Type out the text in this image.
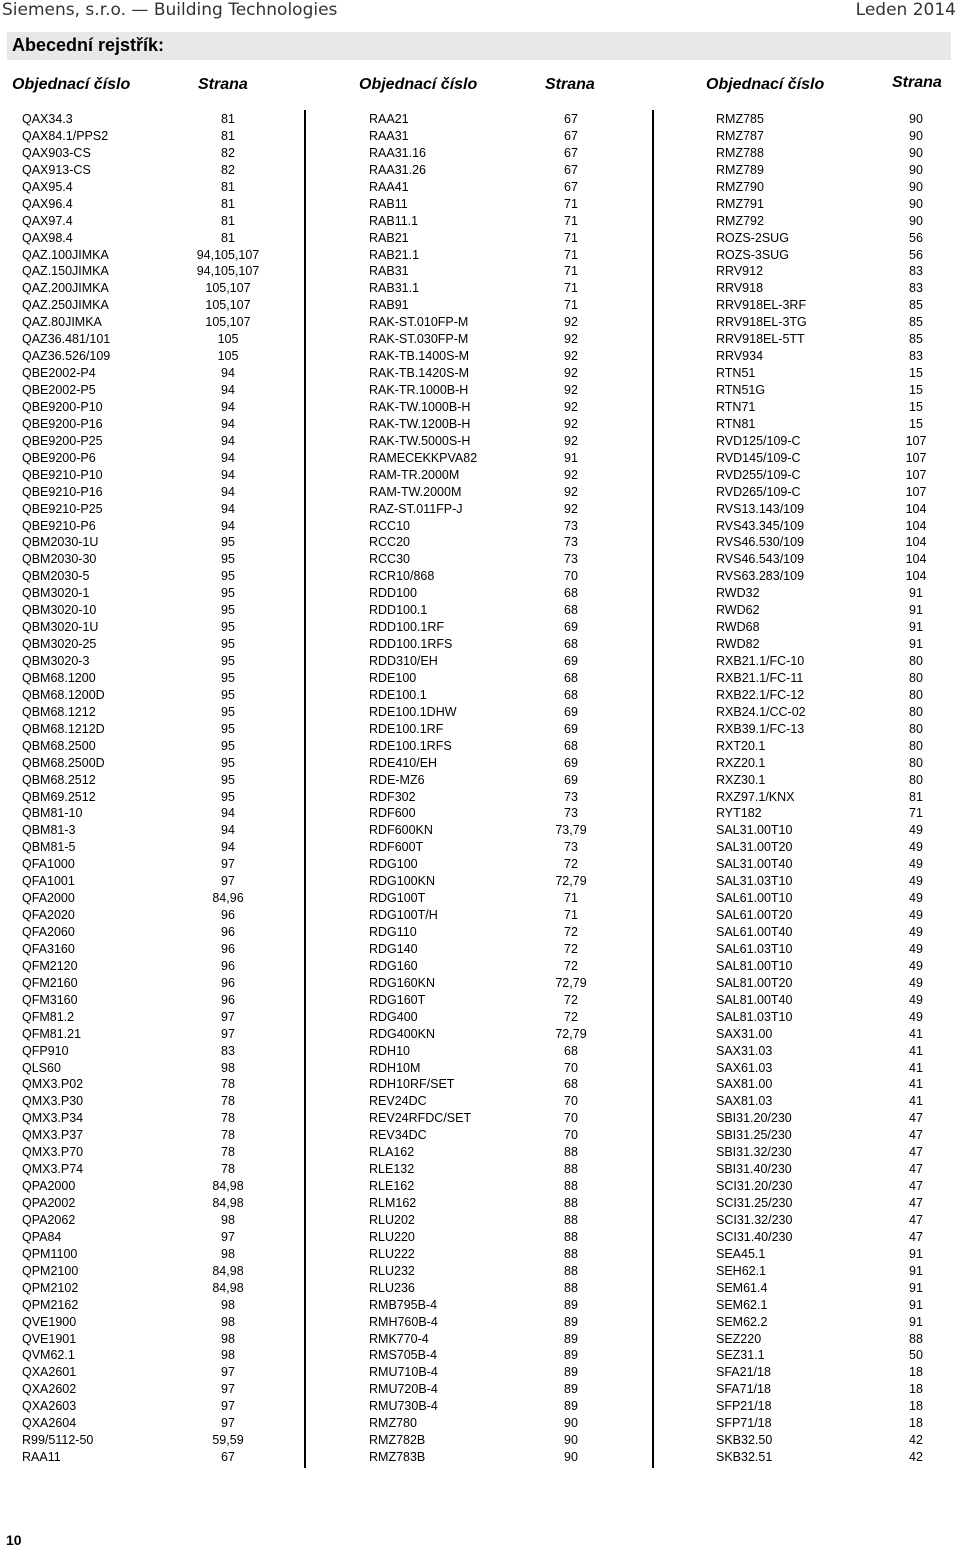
Siemens, s.r.o. — Building Technologies	Leden 2014
Abecední rejstřík:
Objednací číslo	Strana	Objednací číslo	Strana	Objednací číslo	Strana
QAX34.3	81
QAX84.1/PPS2	81
QAX903-CS	82
QAX913-CS	82
QAX95.4	81
QAX96.4	81
QAX97.4	81
QAX98.4	81
QAZ.100JIMKA	94,105,107
QAZ.150JIMKA	94,105,107
QAZ.200JIMKA	105,107
QAZ.250JIMKA	105,107
QAZ.80JIMKA	105,107
QAZ36.481/101	105
QAZ36.526/109	105
QBE2002-P4	94
QBE2002-P5	94
QBE9200-P10	94
QBE9200-P16	94
QBE9200-P25	94
QBE9200-P6	94
QBE9210-P10	94
QBE9210-P16	94
QBE9210-P25	94
QBE9210-P6	94
QBM2030-1U	95
QBM2030-30	95
QBM2030-5	95
QBM3020-1	95
QBM3020-10	95
QBM3020-1U	95
QBM3020-25	95
QBM3020-3	95
QBM68.1200	95
QBM68.1200D	95
QBM68.1212	95
QBM68.1212D	95
QBM68.2500	95
QBM68.2500D	95
QBM68.2512	95
QBM69.2512	95
QBM81-10	94
QBM81-3	94
QBM81-5	94
QFA1000	97
QFA1001	97
QFA2000	84,96
QFA2020	96
QFA2060	96
QFA3160	96
QFM2120	96
QFM2160	96
QFM3160	96
QFM81.2	97
QFM81.21	97
QFP910	83
QLS60	98
QMX3.P02	78
QMX3.P30	78
QMX3.P34	78
QMX3.P37	78
QMX3.P70	78
QMX3.P74	78
QPA2000	84,98
QPA2002	84,98
QPA2062	98
QPA84	97
QPM1100	98
QPM2100	84,98
QPM2102	84,98
QPM2162	98
QVE1900	98
QVE1901	98
QVM62.1	98
QXA2601	97
QXA2602	97
QXA2603	97
QXA2604	97
R99/5112-50	59,59
RAA11	67
RAA21	67
RAA31	67
RAA31.16	67
RAA31.26	67
RAA41	67
RAB11	71
RAB11.1	71
RAB21	71
RAB21.1	71
RAB31	71
RAB31.1	71
RAB91	71
RAK-ST.010FP-M	92
RAK-ST.030FP-M	92
RAK-TB.1400S-M	92
RAK-TB.1420S-M	92
RAK-TR.1000B-H	92
RAK-TW.1000B-H	92
RAK-TW.1200B-H	92
RAK-TW.5000S-H	92
RAMECEKKPVA82	91
RAM-TR.2000M	92
RAM-TW.2000M	92
RAZ-ST.011FP-J	92
RCC10	73
RCC20	73
RCC30	73
RCR10/868	70
RDD100	68
RDD100.1	68
RDD100.1RF	69
RDD100.1RFS	68
RDD310/EH	69
RDE100	68
RDE100.1	68
RDE100.1DHW	69
RDE100.1RF	69
RDE100.1RFS	68
RDE410/EH	69
RDE-MZ6	69
RDF302	73
RDF600	73
RDF600KN	73,79
RDF600T	73
RDG100	72
RDG100KN	72,79
RDG100T	71
RDG100T/H	71
RDG110	72
RDG140	72
RDG160	72
RDG160KN	72,79
RDG160T	72
RDG400	72
RDG400KN	72,79
RDH10	68
RDH10M	70
RDH10RF/SET	68
REV24DC	70
REV24RFDC/SET	70
REV34DC	70
RLA162	88
RLE132	88
RLE162	88
RLM162	88
RLU202	88
RLU220	88
RLU222	88
RLU232	88
RLU236	88
RMB795B-4	89
RMH760B-4	89
RMK770-4	89
RMS705B-4	89
RMU710B-4	89
RMU720B-4	89
RMU730B-4	89
RMZ780	90
RMZ782B	90
RMZ783B	90
RMZ785	90
RMZ787	90
RMZ788	90
RMZ789	90
RMZ790	90
RMZ791	90
RMZ792	90
ROZS-2SUG	56
ROZS-3SUG	56
RRV912	83
RRV918	83
RRV918EL-3RF	85
RRV918EL-3TG	85
RRV918EL-5TT	85
RRV934	83
RTN51	15
RTN51G	15
RTN71	15
RTN81	15
RVD125/109-C	107
RVD145/109-C	107
RVD255/109-C	107
RVD265/109-C	107
RVS13.143/109	104
RVS43.345/109	104
RVS46.530/109	104
RVS46.543/109	104
RVS63.283/109	104
RWD32	91
RWD62	91
RWD68	91
RWD82	91
RXB21.1/FC-10	80
RXB21.1/FC-11	80
RXB22.1/FC-12	80
RXB24.1/CC-02	80
RXB39.1/FC-13	80
RXT20.1	80
RXZ20.1	80
RXZ30.1	80
RXZ97.1/KNX	81
RYT182	71
SAL31.00T10	49
SAL31.00T20	49
SAL31.00T40	49
SAL31.03T10	49
SAL61.00T10	49
SAL61.00T20	49
SAL61.00T40	49
SAL61.03T10	49
SAL81.00T10	49
SAL81.00T20	49
SAL81.00T40	49
SAL81.03T10	49
SAX31.00	41
SAX31.03	41
SAX61.03	41
SAX81.00	41
SAX81.03	41
SBI31.20/230	47
SBI31.25/230	47
SBI31.32/230	47
SBI31.40/230	47
SCI31.20/230	47
SCI31.25/230	47
SCI31.32/230	47
SCI31.40/230	47
SEA45.1	91
SEH62.1	91
SEM61.4	91
SEM62.1	91
SEM62.2	91
SEZ220	88
SEZ31.1	50
SFA21/18	18
SFA71/18	18
SFP21/18	18
SFP71/18	18
SKB32.50	42
SKB32.51	42
10
